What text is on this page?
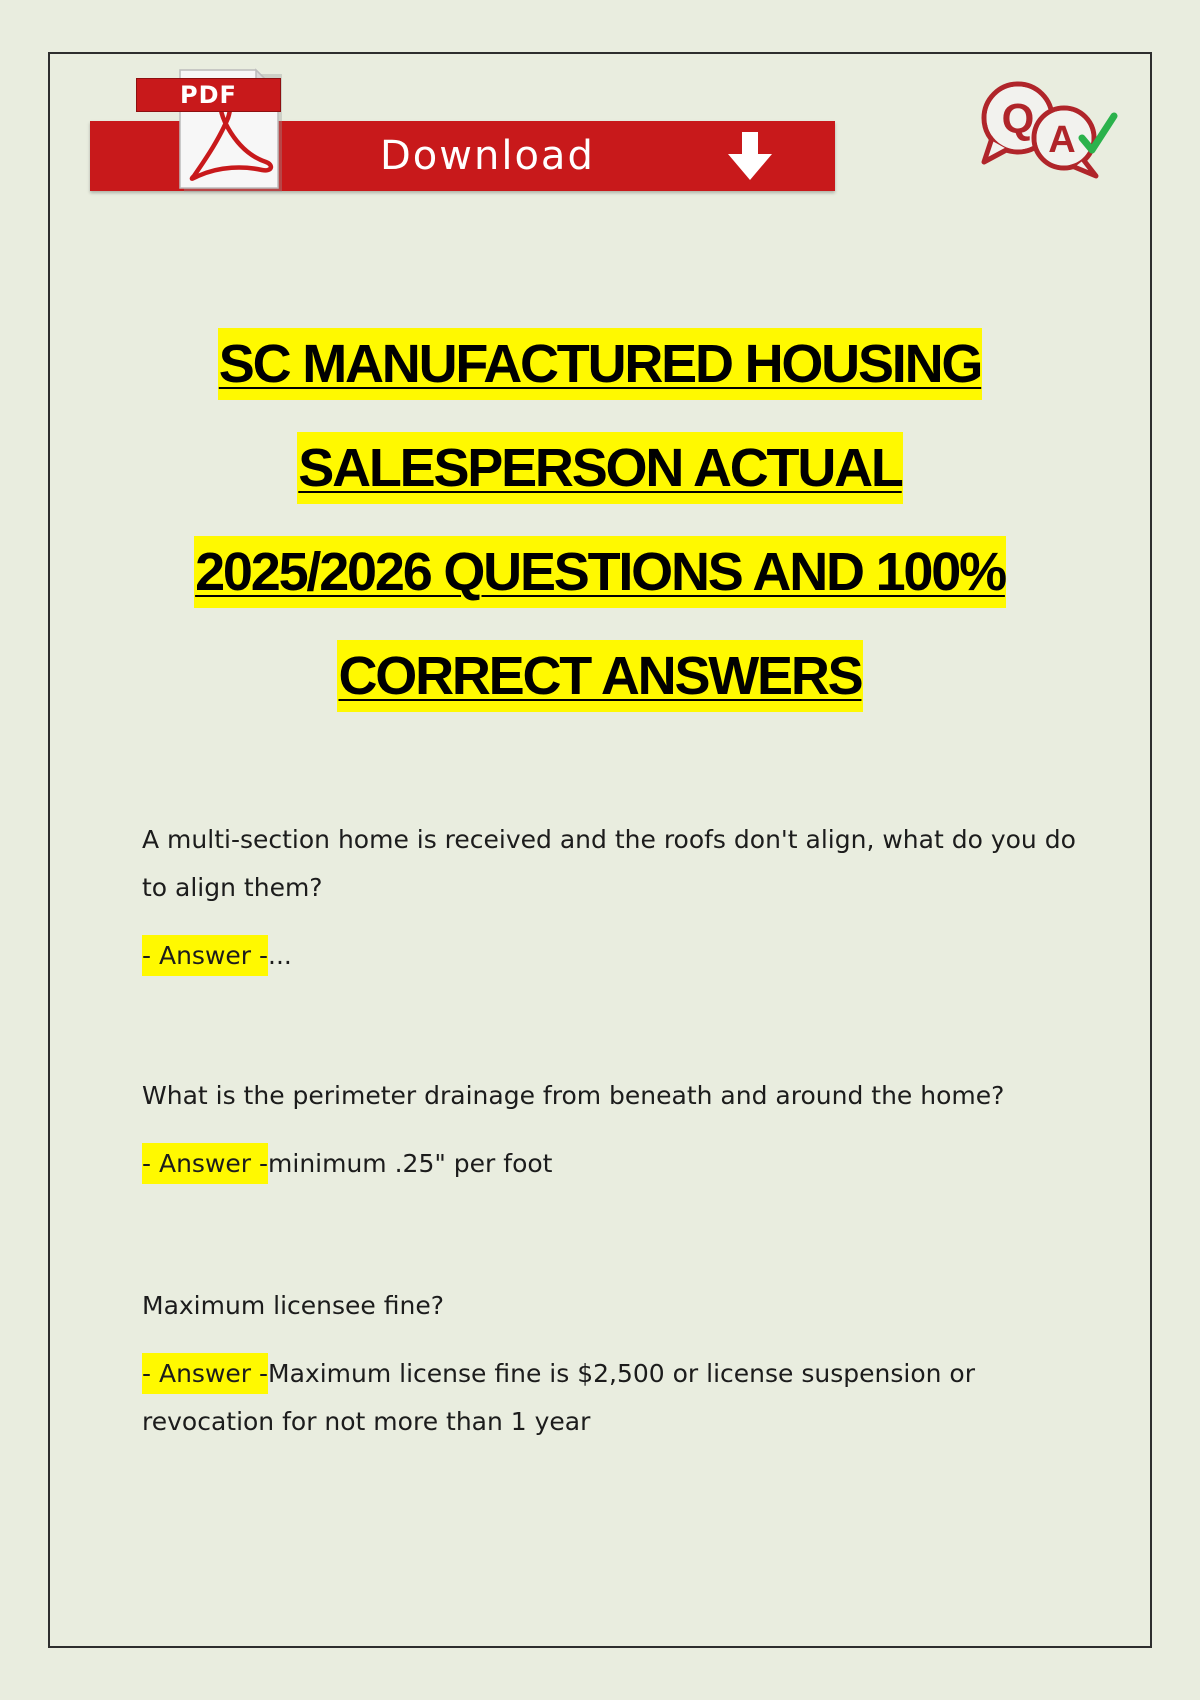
Download
PDF	Q A

SC MANUFACTURED HOUSING

SALESPERSON ACTUAL

2025/2026 QUESTIONS AND 100%

CORRECT ANSWERS

A multi-section home is received and the roofs don't align, what do you do to align them?

- Answer -...

What is the perimeter drainage from beneath and around the home?

- Answer -minimum .25" per foot

Maximum licensee fine?

- Answer -Maximum license fine is $2,500 or license suspension or revocation for not more than 1 year
